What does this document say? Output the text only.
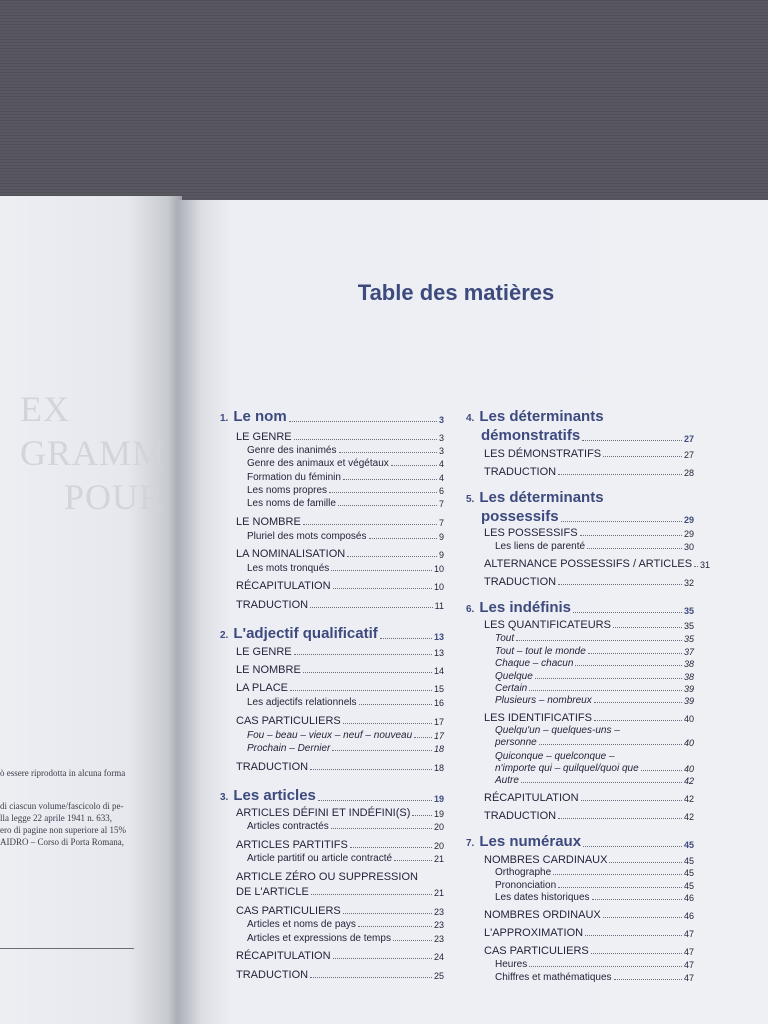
EX
GRAMM
POUR
ò essere riprodotta in alcuna forma
di ciascun volume/fascicolo di pe-
lla legge 22 aprile 1941 n. 633,
ero di pagine non superiore al 15%
AIDRO – Corso di Porta Romana,
Table des matières
1. Le nom	3
LE GENRE	3
Genre des inanimés	3
Genre des animaux et végétaux	4
Formation du féminin	4
Les noms propres	6
Les noms de famille	7
LE NOMBRE	7
Pluriel des mots composés	9
LA NOMINALISATION	9
Les mots tronqués	10
RÉCAPITULATION	10
TRADUCTION	11
2. L'adjectif qualificatif	13
LE GENRE	13
LE NOMBRE	14
LA PLACE	15
Les adjectifs relationnels	16
CAS PARTICULIERS	17
Fou – beau – vieux – neuf – nouveau 17
Prochain – Dernier	18
TRADUCTION	18
3. Les articles	19
ARTICLES DÉFINI ET INDÉFINI(S)	19
Articles contractés	20
ARTICLES PARTITIFS	20
Article partitif ou article contracté	21
ARTICLE ZÉRO OU SUPPRESSION
DE L'ARTICLE	21
CAS PARTICULIERS	23
Articles et noms de pays	23
Articles et expressions de temps	23
RÉCAPITULATION	24
TRADUCTION	25
4. Les déterminants
démonstratifs	27
LES DÉMONSTRATIFS	27
TRADUCTION	28
5. Les déterminants
possessifs	29
LES POSSESSIFS	29
Les liens de parenté	30
ALTERNANCE POSSESSIFS / ARTICLES 31
TRADUCTION	32
6. Les indéfinis	35
LES QUANTIFICATEURS	35
Tout	35
Tout – tout le monde	37
Chaque – chacun	38
Quelque	38
Certain	39
Plusieurs – nombreux	39
LES IDENTIFICATIFS	40
Quelqu'un – quelques-uns –
personne	40
Quiconque – quelconque –
n'importe qui – quilquel/quoi que	40
Autre	42
RÉCAPITULATION	42
TRADUCTION	42
7. Les numéraux	45
NOMBRES CARDINAUX	45
Orthographe	45
Prononciation	45
Les dates historiques	46
NOMBRES ORDINAUX	46
L'APPROXIMATION	47
CAS PARTICULIERS	47
Heures	47
Chiffres et mathématiques	47
